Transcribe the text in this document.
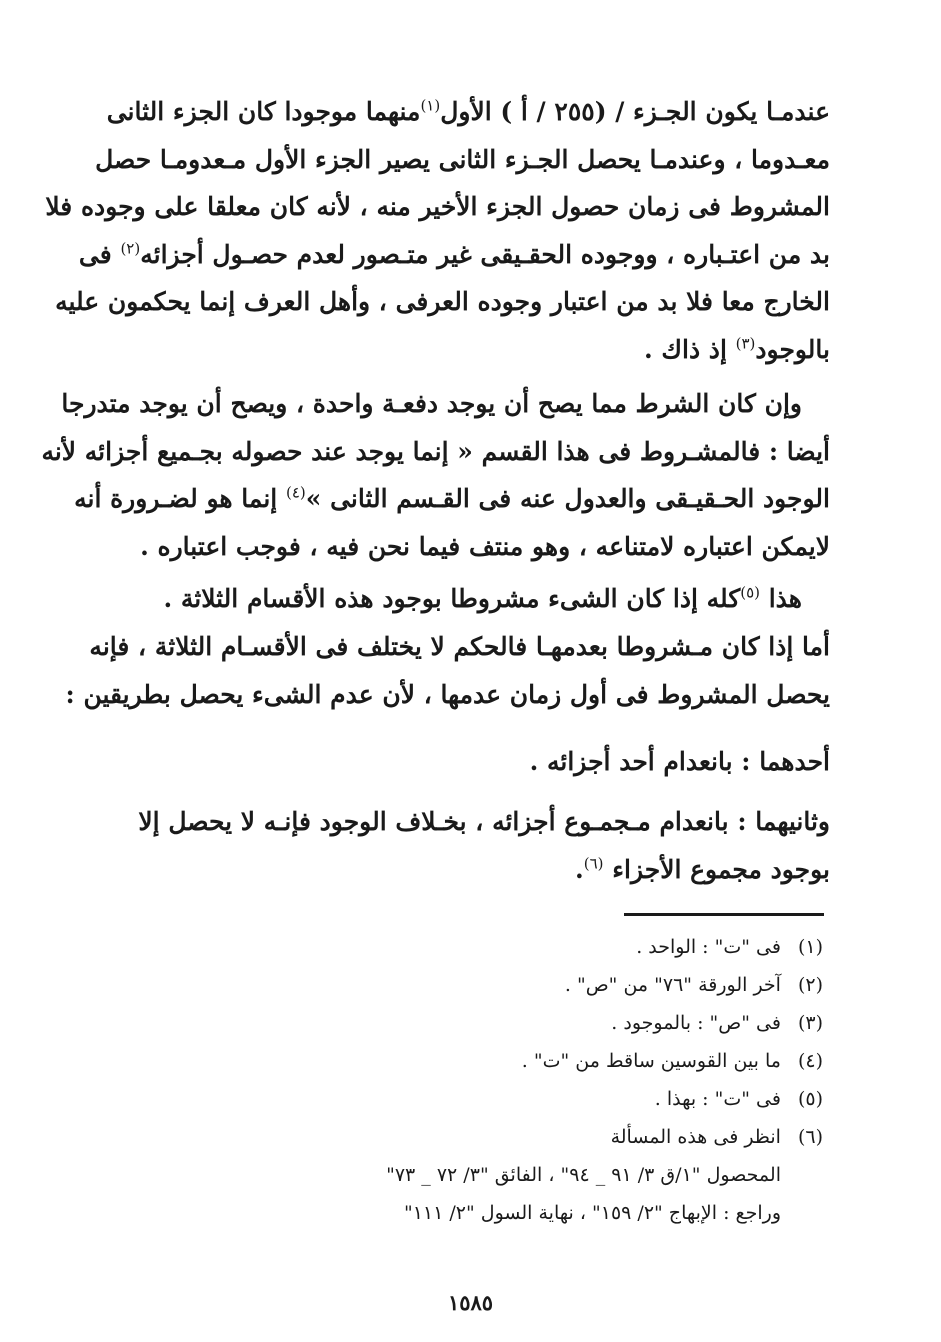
عندمـا يكون الجـزء / (٢٥٥ / أ ) الأول$^{(١)}$منهما موجودا كان الجزء الثانى
معـدوما ، وعندمـا يحصل الجـزء الثانى يصير الجزء الأول مـعدومـا حصل
المشروط فى زمان حصول الجزء الأخير منه ، لأنه كان معلقا على وجوده فلا
بد من اعتـباره ، ووجوده الحقـيقى غير متـصور لعدم حصـول أجزائه$^{(٢)}$ فى
الخارج معا فلا بد من اعتبار وجوده العرفى ، وأهل العرف إنما يحكمون عليه
بالوجود$^{(٣)}$ إذ ذاك .
وإن كان الشرط مما يصح أن يوجد دفعـة واحدة ، ويصح أن يوجد متدرجا
أيضا : فالمشـروط فى هذا القسم « إنما يوجد عند حصوله بجـميع أجزائه لأنه
الوجود الحـقيـقى والعدول عنه فى القـسم الثانى »$^{(٤)}$ إنما هو لضـرورة أنه
لايمكن اعتباره لامتناعه ، وهو منتف فيما نحن فيه ، فوجب اعتباره .
هذا $^{(٥)}$كله إذا كان الشىء مشروطا بوجود هذه الأقسام الثلاثة .
أما إذا كان مـشروطا بعدمهـا فالحكم لا يختلف فى الأقسـام الثلاثة ، فإنه
يحصل المشروط فى أول زمان عدمها ، لأن عدم الشىء يحصل بطريقين :
أحدهما : بانعدام أحد أجزائه .
وثانيهما : بانعدام مـجمـوع أجزائه ، بخـلاف الوجود فإنـه لا يحصل إلا
بوجود مجموع الأجزاء $^{(٦)}$.
(١) فى "ت" : الواحد .
(٢) آخر الورقة "٧٦" من "ص" .
(٣) فى "ص" : بالموجود .
(٤) ما بين القوسين ساقط من "ت" .
(٥) فى "ت" : بهذا .
(٦) انظر فى هذه المسألة
المحصول "١/ق ٣/ ٩١ _ ٩٤" ، الفائق "٣/ ٧٢ _ ٧٣"
وراجع : الإبهاج "٢/ ١٥٩" ، نهاية السول "٢/ ١١١"
١٥٨٥
